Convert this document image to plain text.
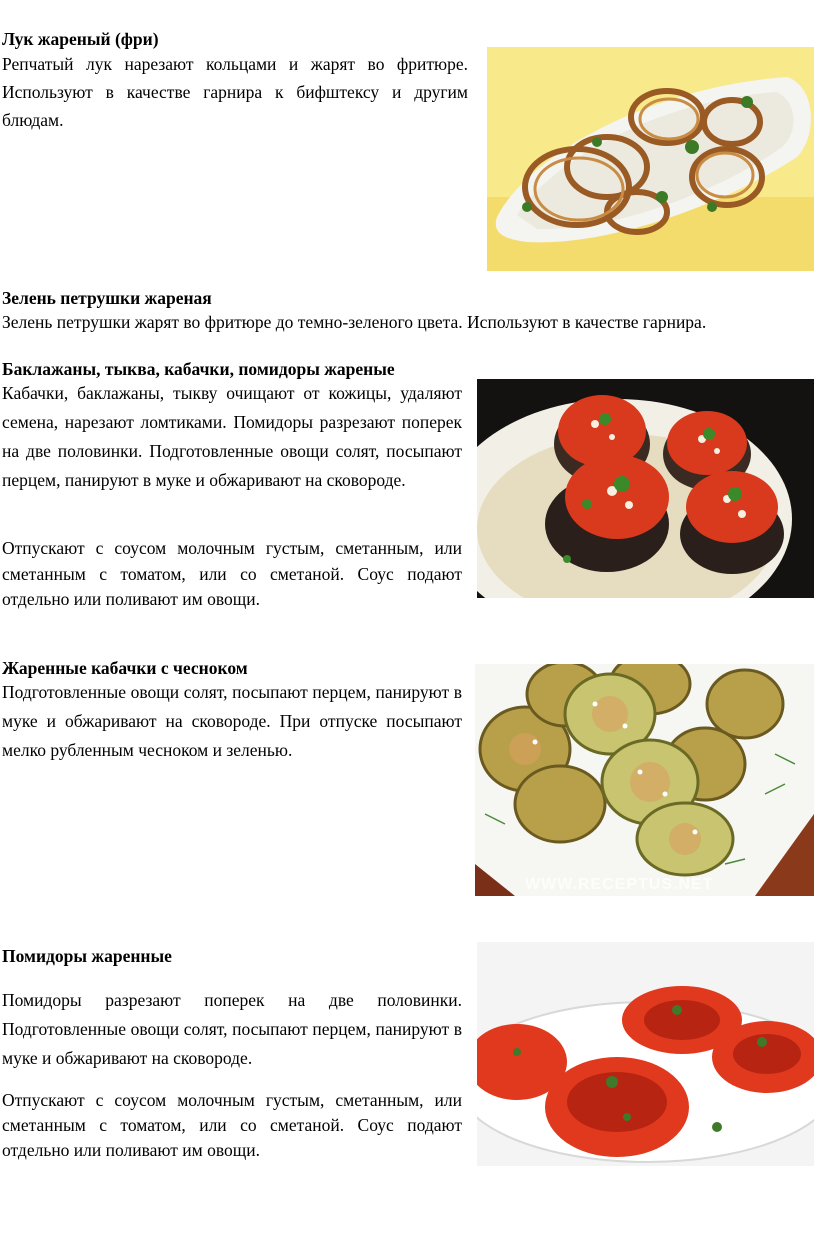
Лук жареный (фри)

Репчатый лук нарезают кольцами и жарят во фритюре. Используют в качестве гарнира к бифштексу и другим блюдам.

Зелень петрушки жареная

Зелень петрушки жарят во фритюре до темно-зеленого цвета. Используют в качестве гарнира.

Баклажаны, тыква, кабачки, помидоры жареные

Кабачки, баклажаны, тыкву очищают от кожицы, удаляют семена, нарезают ломтиками. Помидоры разрезают поперек на две половинки. Подготовленные овощи солят, посыпают перцем, панируют в муке и обжаривают на сковороде.

Отпускают с соусом молочным густым, сметанным, или сметанным с томатом, или со сметаной. Соус подают отдельно или поливают им овощи.

Жаренные кабачки с чесноком

Подготовленные овощи солят, посыпают перцем, панируют в муке и обжаривают на сковороде. При отпуске посыпают мелко рубленным чесноком и зеленью.

WWW.RECEPTUS.NET
Помидоры жаренные

Помидоры разрезают поперек на две половинки. Подготовленные овощи солят, посыпают перцем, панируют в муке и обжаривают на сковороде.

Отпускают с соусом молочным густым, сметанным, или сметанным с томатом, или со сметаной. Соус подают отдельно или поливают им овощи.
